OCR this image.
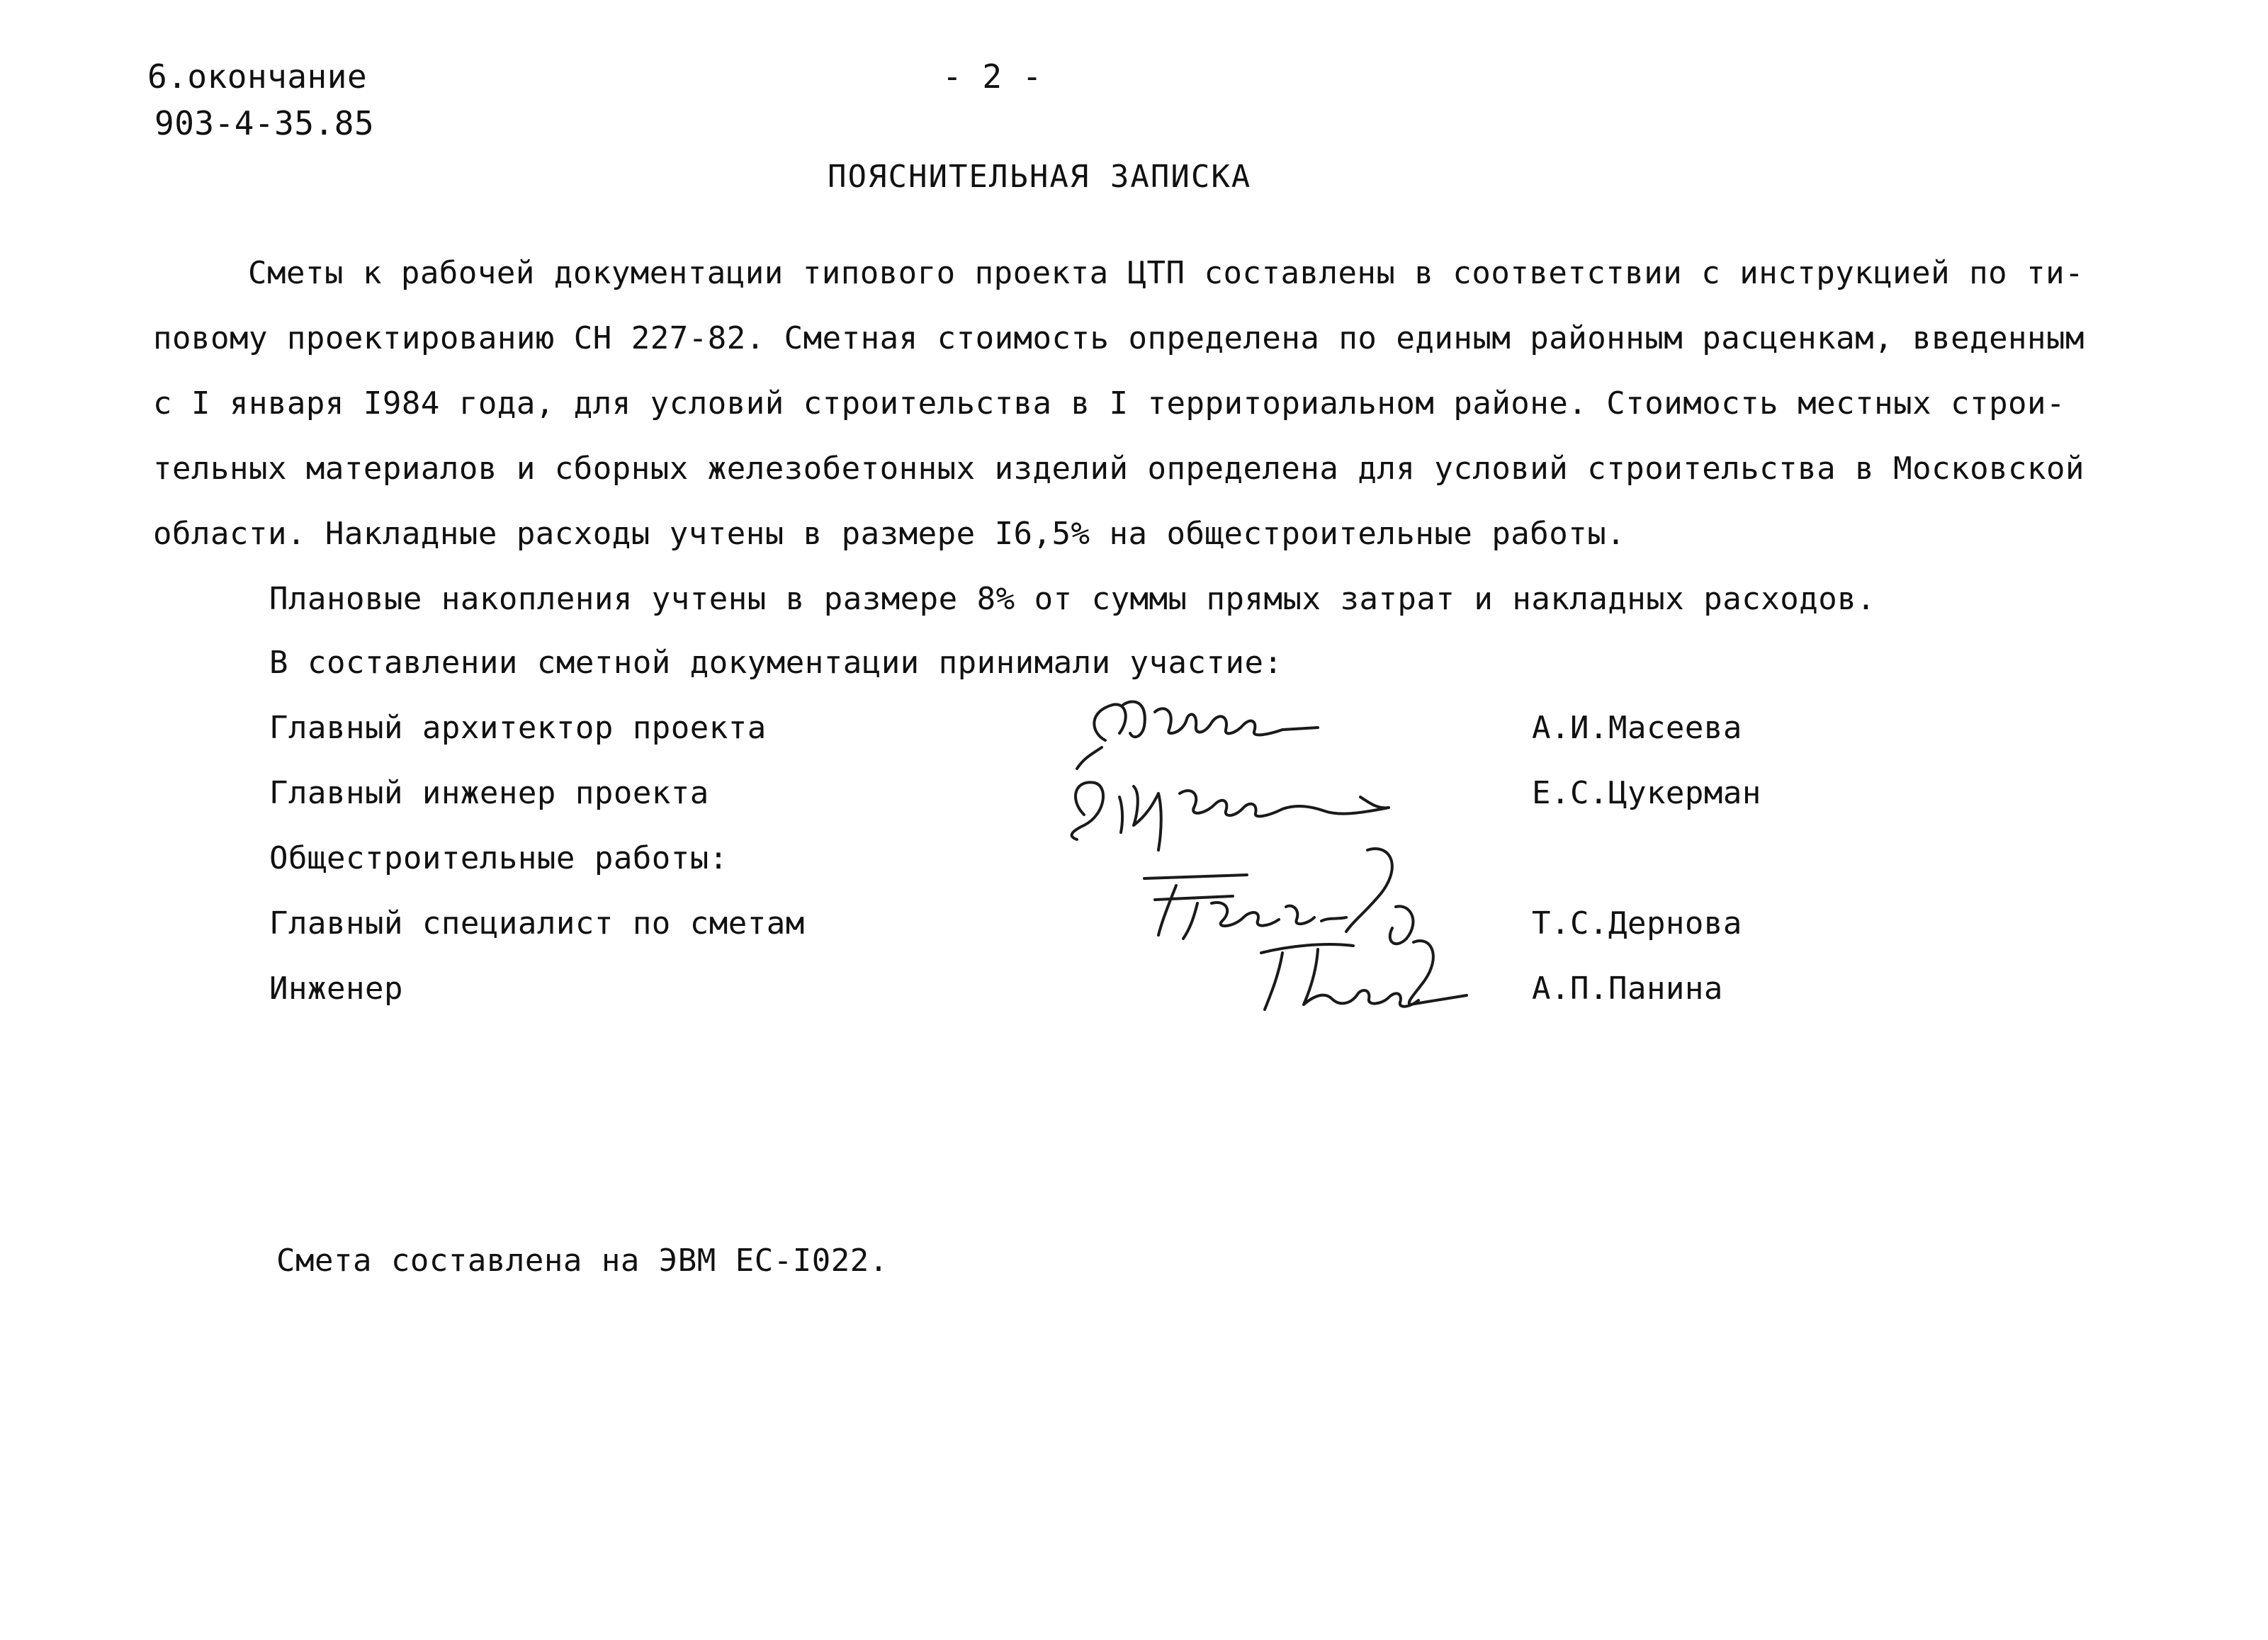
6.окончание
903-4-35.85
- 2 -
ПОЯСНИТЕЛЬНАЯ ЗАПИСКА
Сметы к рабочей документации типового проекта ЦТП составлены в соответствии с инструкцией по ти-
повому проектированию СН 227-82. Сметная стоимость определена по единым районным расценкам, введенным
с I января I984 года, для условий строительства в I территориальном районе. Стоимость местных строи-
тельных материалов и сборных железобетонных изделий определена для условий строительства в Московской
области. Накладные расходы учтены в размере I6,5% на общестроительные работы.
Плановые накопления учтены в размере 8% от суммы прямых затрат и накладных расходов.
В составлении сметной документации принимали участие:
Главный архитектор проекта
Главный инженер проекта
Общестроительные работы:
Главный специалист по сметам
Инженер
А.И.Масеева
Е.С.Цукерман
Т.С.Дернова
А.П.Панина
Смета составлена на ЭВМ ЕС-I022.
